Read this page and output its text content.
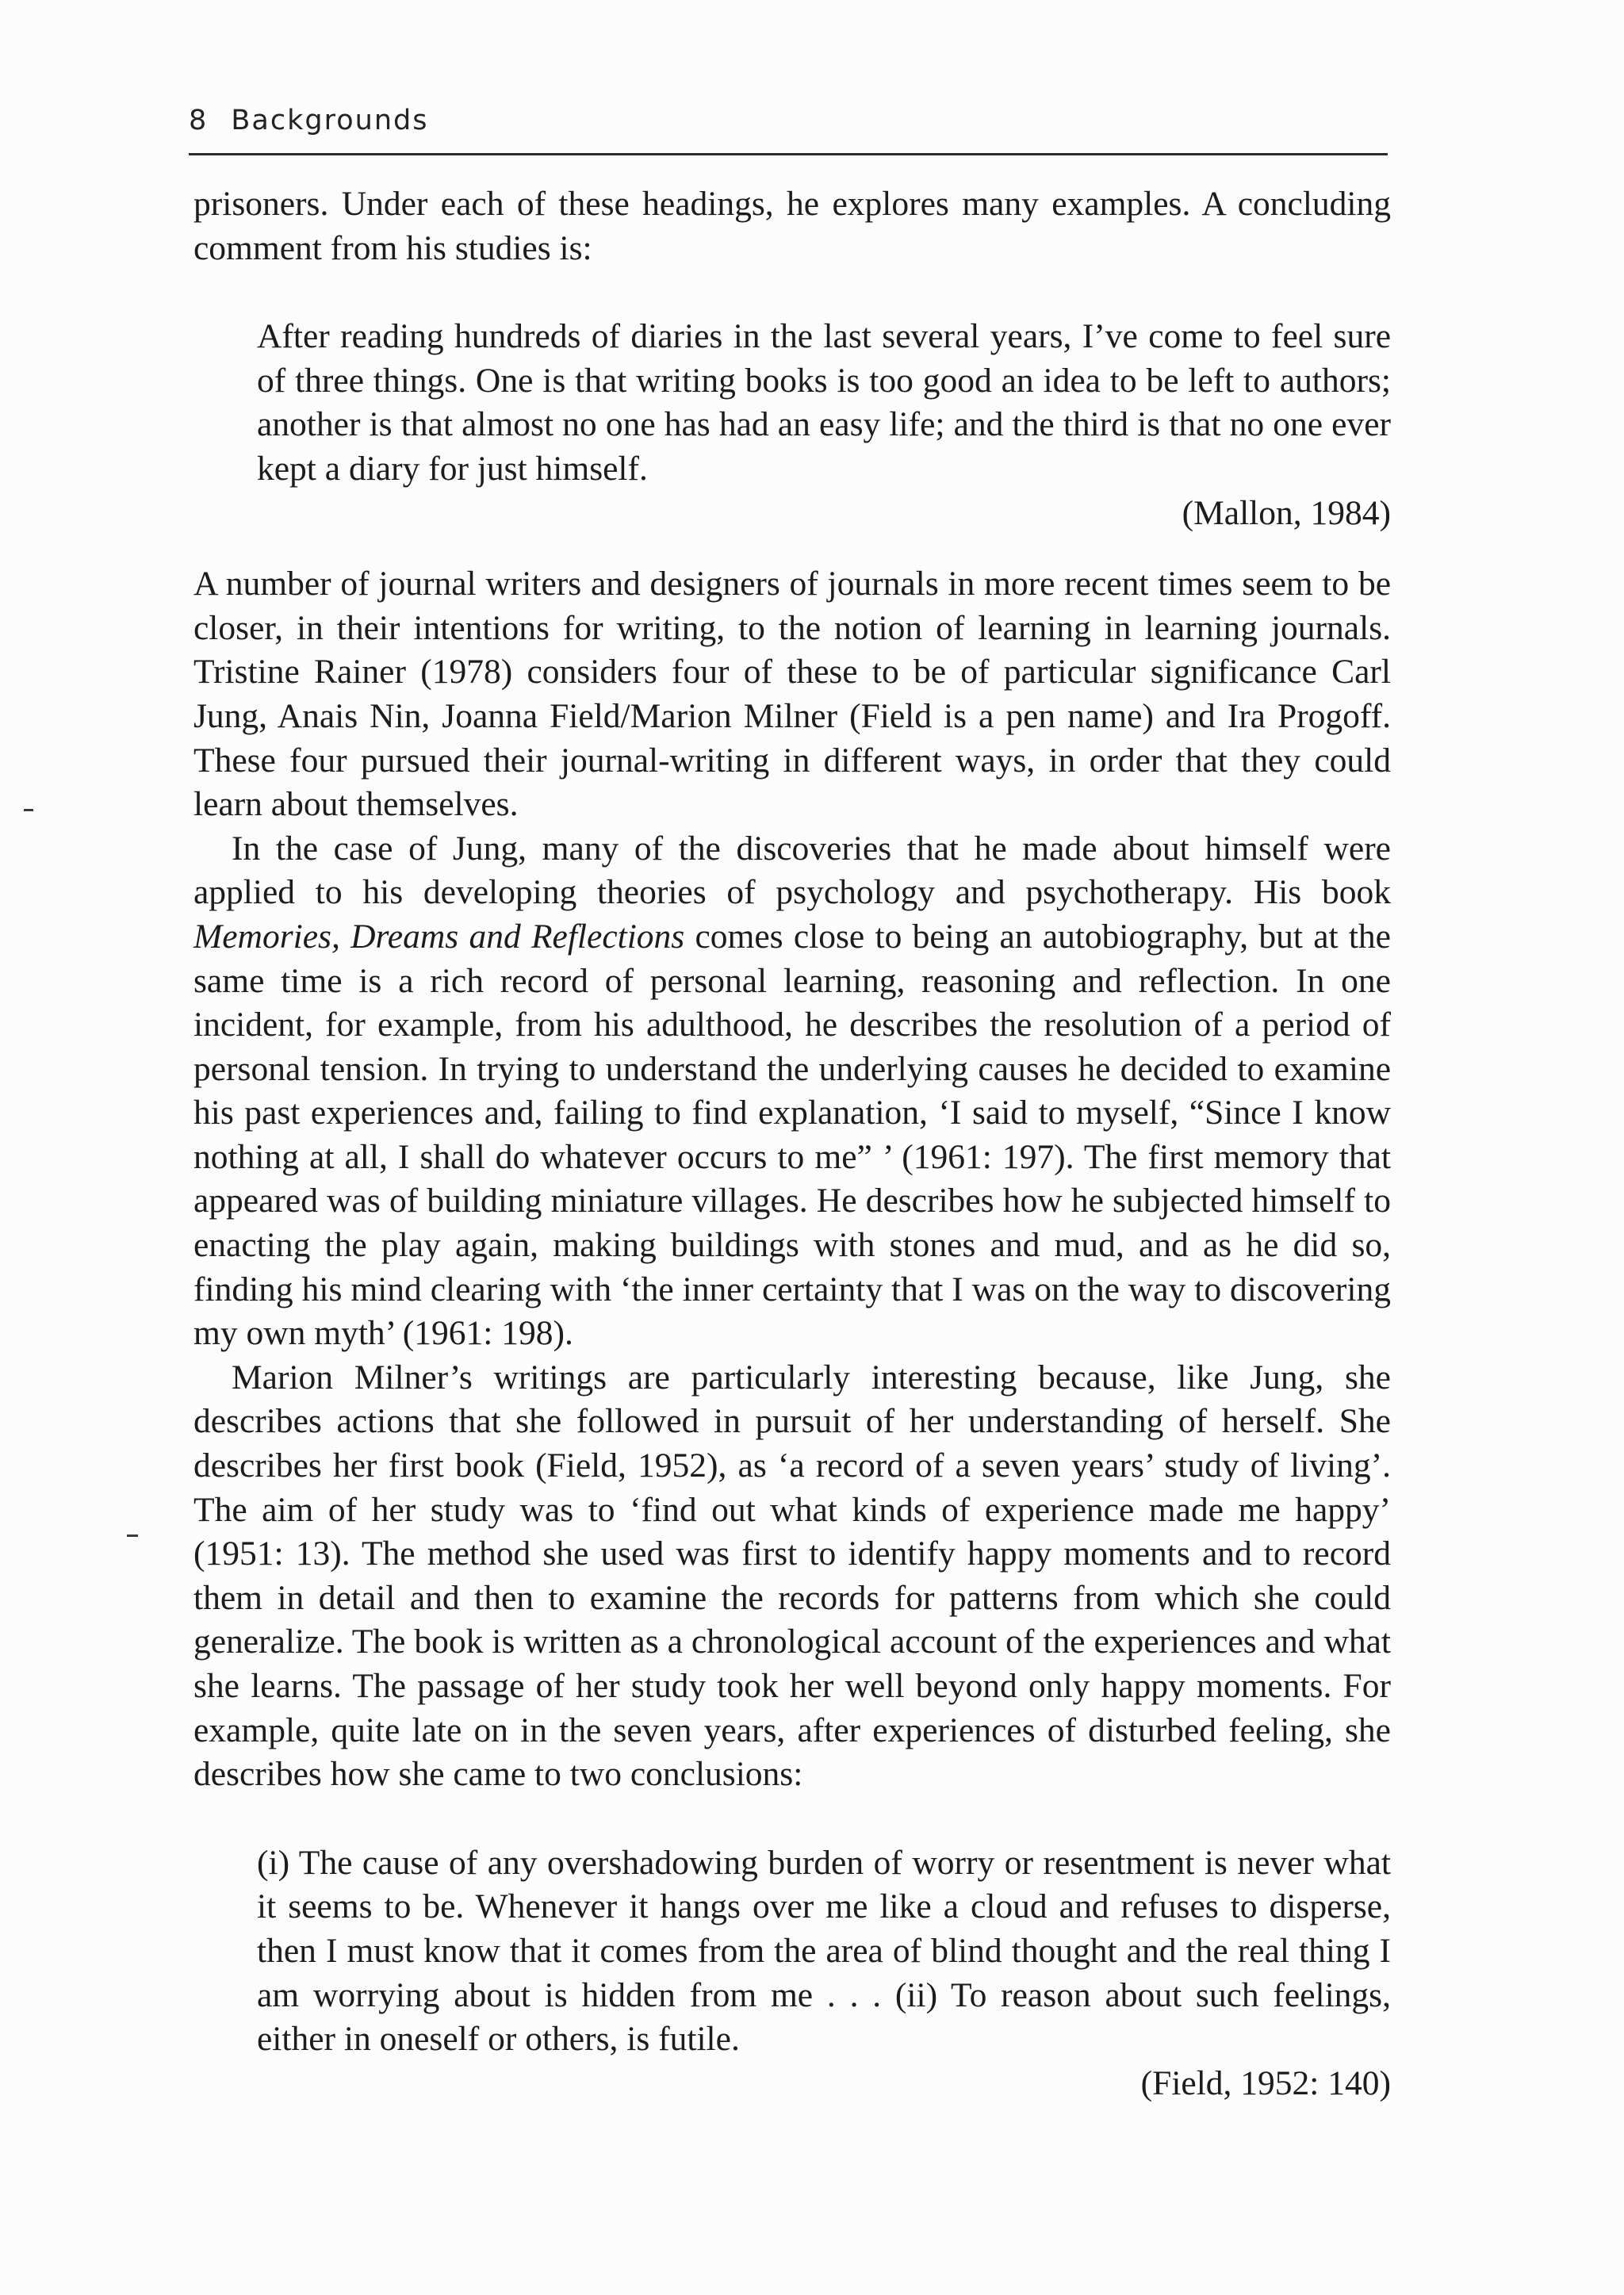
8 Backgrounds

prisoners. Under each of these headings, he explores many examples. A concluding comment from his studies is:

After reading hundreds of diaries in the last several years, I’ve come to feel sure of three things. One is that writing books is too good an idea to be left to authors; another is that almost no one has had an easy life; and the third is that no one ever kept a diary for just himself.

(Mallon, 1984)

A number of journal writers and designers of journals in more recent times seem to be closer, in their intentions for writing, to the notion of learning in learning journals. Tristine Rainer (1978) considers four of these to be of particular significance Carl Jung, Anais Nin, Joanna Field/Marion Milner (Field is a pen name) and Ira Progoff. These four pursued their journal-writing in different ways, in order that they could learn about themselves.

In the case of Jung, many of the discoveries that he made about himself were applied to his developing theories of psychology and psychotherapy. His book Memories, Dreams and Reflections comes close to being an autobiography, but at the same time is a rich record of personal learning, reasoning and reflection. In one incident, for example, from his adulthood, he describes the resolution of a period of personal tension. In trying to understand the underlying causes he decided to examine his past experiences and, failing to find explanation, ‘I said to myself, “Since I know nothing at all, I shall do whatever occurs to me” ’ (1961: 197). The first memory that appeared was of building miniature villages. He describes how he subjected himself to enacting the play again, making buildings with stones and mud, and as he did so, finding his mind clearing with ‘the inner certainty that I was on the way to discovering my own myth’ (1961: 198).

Marion Milner’s writings are particularly interesting because, like Jung, she describes actions that she followed in pursuit of her understanding of herself. She describes her first book (Field, 1952), as ‘a record of a seven years’ study of living’. The aim of her study was to ‘find out what kinds of experience made me happy’ (1951: 13). The method she used was first to identify happy moments and to record them in detail and then to examine the records for patterns from which she could generalize. The book is written as a chronological account of the experiences and what she learns. The passage of her study took her well beyond only happy moments. For example, quite late on in the seven years, after experiences of disturbed feeling, she describes how she came to two conclusions:

(i) The cause of any overshadowing burden of worry or resentment is never what it seems to be. Whenever it hangs over me like a cloud and refuses to disperse, then I must know that it comes from the area of blind thought and the real thing I am worrying about is hidden from me . . . (ii) To reason about such feelings, either in oneself or others, is futile.

(Field, 1952: 140)
